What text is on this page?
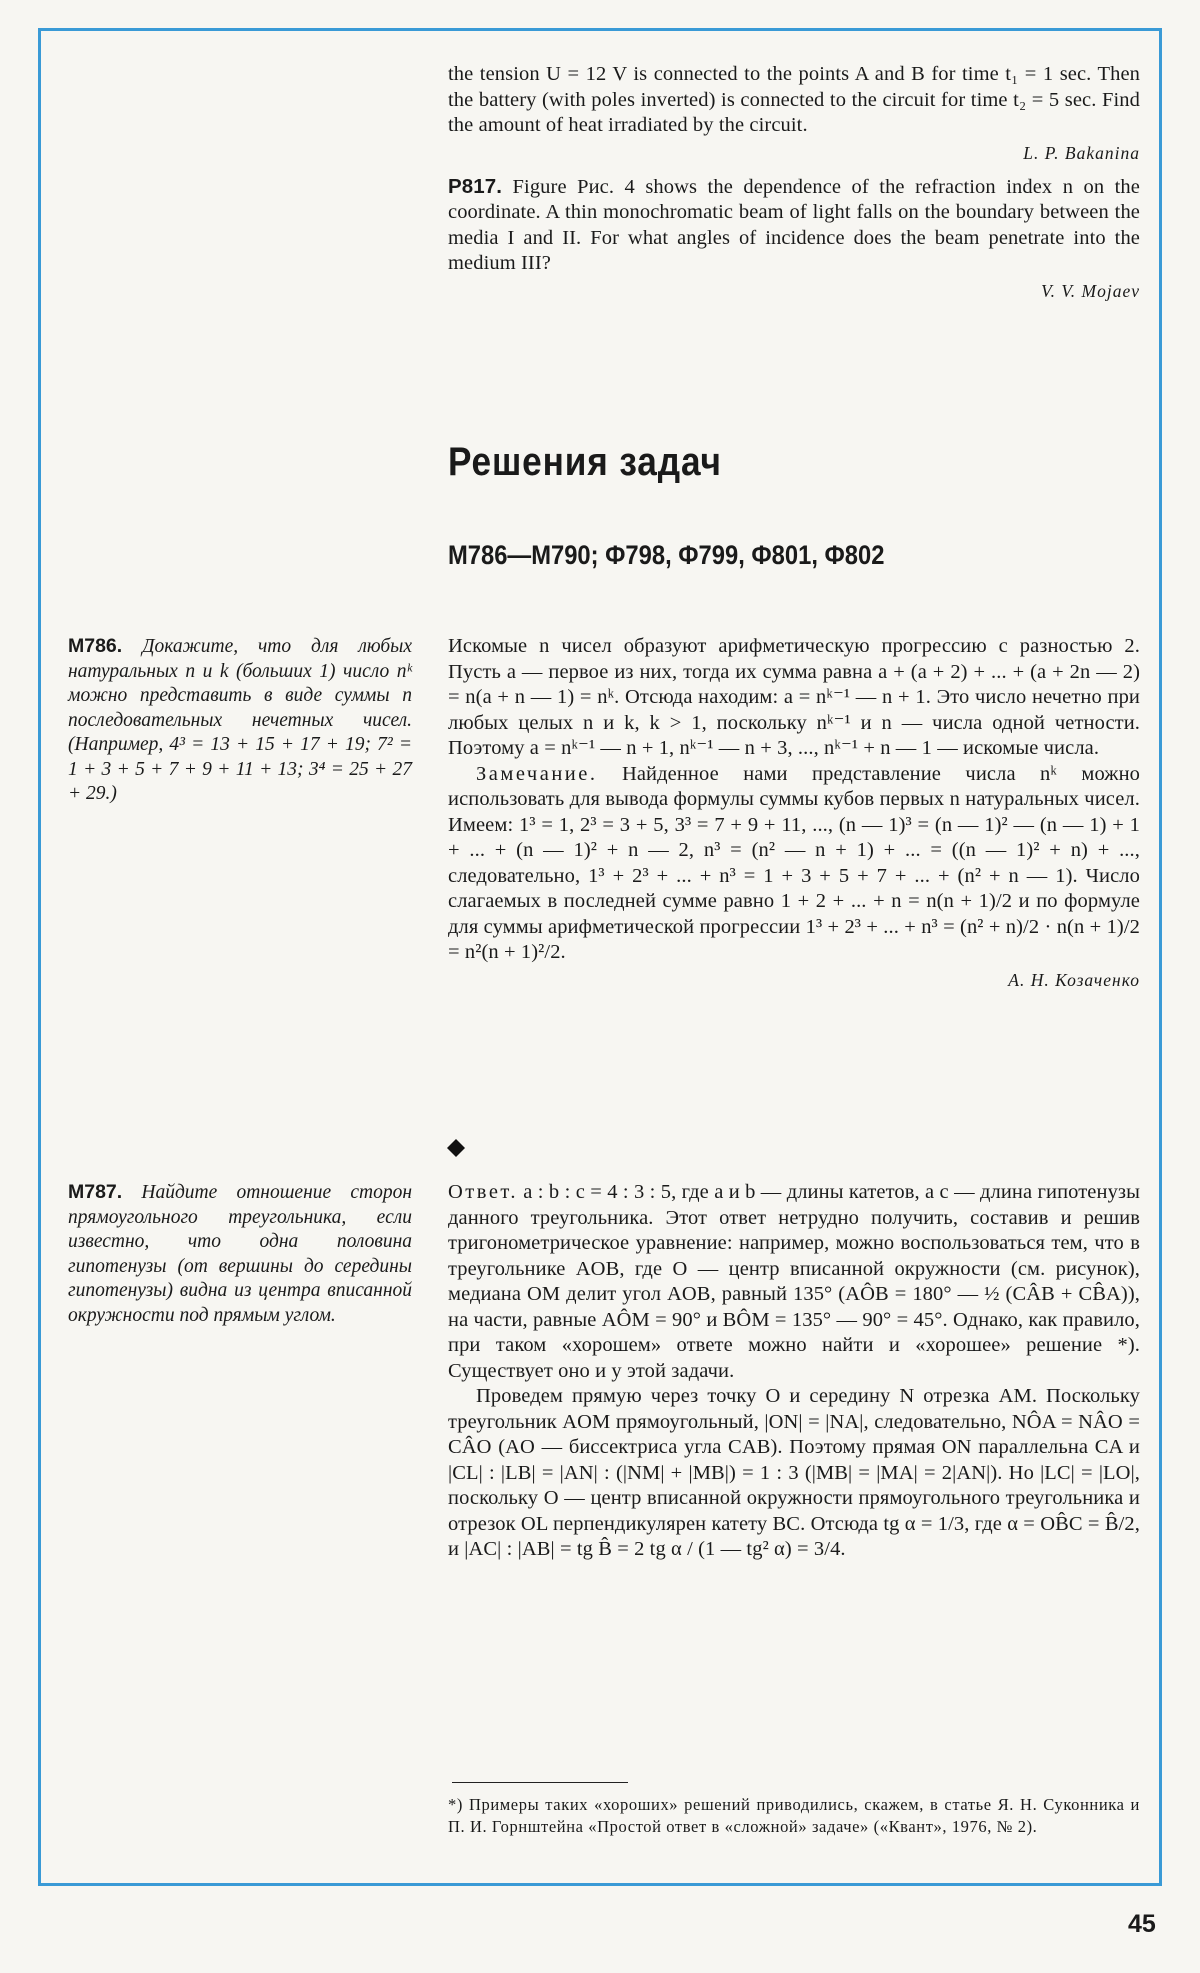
the tension U = 12 V is connected to the points A and B for time t₁ = 1 sec. Then the battery (with poles inverted) is connected to the circuit for time t₂ = 5 sec. Find the amount of heat irradiated by the circuit.

L. P. Bakanina

P817. Figure Рис. 4 shows the dependence of the refraction index n on the coordinate. A thin monochromatic beam of light falls on the boundary between the media I and II. For what angles of incidence does the beam penetrate into the medium III?

V. V. Mojaev

Решения задач
M786—M790; Ф798, Ф799, Ф801, Ф802

M786. Докажите, что для любых натуральных n и k (больших 1) число nᵏ можно представить в виде суммы n последовательных нечетных чисел. (Например, 4³ = 13 + 15 + 17 + 19; 7² = 1 + 3 + 5 + 7 + 9 + 11 + 13; 3⁴ = 25 + 27 + 29.)

Искомые n чисел образуют арифметическую прогрессию с разностью 2. Пусть a — первое из них, тогда их сумма равна a + (a + 2) + ... + (a + 2n — 2) = n(a + n — 1) = nᵏ. Отсюда находим: a = nᵏ⁻¹ — n + 1. Это число нечетно при любых целых n и k, k > 1, поскольку nᵏ⁻¹ и n — числа одной четности. Поэтому a = nᵏ⁻¹ — n + 1, nᵏ⁻¹ — n + 3, ..., nᵏ⁻¹ + n — 1 — искомые числа.

Замечание. Найденное нами представление числа nᵏ можно использовать для вывода формулы суммы кубов первых n натуральных чисел. Имеем: 1³ = 1, 2³ = 3 + 5, 3³ = 7 + 9 + 11, ..., (n — 1)³ = (n — 1)² — (n — 1) + 1 + ... + (n — 1)² + n — 2, n³ = (n² — n + 1) + ... = ((n — 1)² + n) + ..., следовательно, 1³ + 2³ + ... + n³ = 1 + 3 + 5 + 7 + ... + (n² + n — 1). Число слагаемых в последней сумме равно 1 + 2 + ... + n = n(n + 1)/2 и по формуле для суммы арифметической прогрессии 1³ + 2³ + ... + n³ = (n² + n)/2 · n(n + 1)/2 = n²(n + 1)²/2.

А. Н. Козаченко

M787. Найдите отношение сторон прямоугольного треугольника, если известно, что одна половина гипотенузы (от вершины до середины гипотенузы) видна из центра вписанной окружности под прямым углом.

Ответ. a : b : c = 4 : 3 : 5, где a и b — длины катетов, а c — длина гипотенузы данного треугольника. Этот ответ нетрудно получить, составив и решив тригонометрическое уравнение: например, можно воспользоваться тем, что в треугольнике AOB, где O — центр вписанной окружности (см. рисунок), медиана OM делит угол AOB, равный 135° (AÔB = 180° — ½ (CÂB + CB̂A)), на части, равные AÔM = 90° и BÔM = 135° — 90° = 45°. Однако, как правило, при таком «хорошем» ответе можно найти и «хорошее» решение *). Существует оно и у этой задачи.

Проведем прямую через точку O и середину N отрезка AM. Поскольку треугольник AOM прямоугольный, |ON| = |NA|, следовательно, NÔA = NÂO = CÂO (AO — биссектриса угла CAB). Поэтому прямая ON параллельна CA и |CL| : |LB| = |AN| : (|NM| + |MB|) = 1 : 3 (|MB| = |MA| = 2|AN|). Но |LC| = |LO|, поскольку O — центр вписанной окружности прямоугольного треугольника и отрезок OL перпендикулярен катету BC. Отсюда tg α = 1/3, где α = OB̂C = B̂/2, и |AC| : |AB| = tg B̂ = 2 tg α / (1 — tg² α) = 3/4.

*) Примеры таких «хороших» решений приводились, скажем, в статье Я. Н. Суконника и П. И. Горнштейна «Простой ответ в «сложной» задаче» («Квант», 1976, № 2).

45
